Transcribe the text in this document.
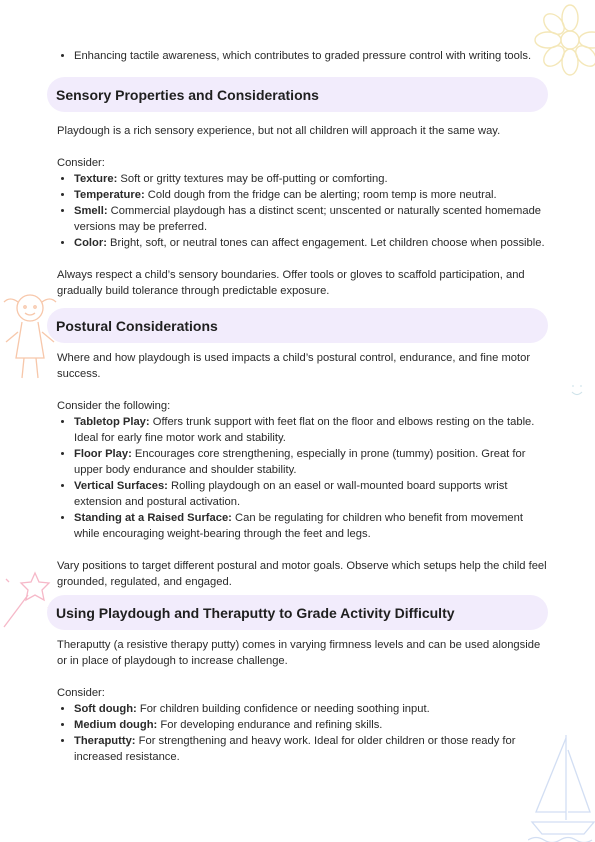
• Enhancing tactile awareness, which contributes to graded pressure control with writing tools.
Sensory Properties and Considerations

Playdough is a rich sensory experience, but not all children will approach it the same way.

Consider:

• Texture: Soft or gritty textures may be off-putting or comforting.
• Temperature: Cold dough from the fridge can be alerting; room temp is more neutral.
• Smell: Commercial playdough has a distinct scent; unscented or naturally scented homemade versions may be preferred.
• Color: Bright, soft, or neutral tones can affect engagement. Let children choose when possible.

Always respect a child’s sensory boundaries. Offer tools or gloves to scaffold participation, and gradually build tolerance through predictable exposure.

Postural Considerations

Where and how playdough is used impacts a child’s postural control, endurance, and fine motor success.

Consider the following:

• Tabletop Play: Offers trunk support with feet flat on the floor and elbows resting on the table. Ideal for early fine motor work and stability.
• Floor Play: Encourages core strengthening, especially in prone (tummy) position. Great for upper body endurance and shoulder stability.
• Vertical Surfaces: Rolling playdough on an easel or wall-mounted board supports wrist extension and postural activation.
• Standing at a Raised Surface: Can be regulating for children who benefit from movement while encouraging weight-bearing through the feet and legs.

Vary positions to target different postural and motor goals. Observe which setups help the child feel grounded, regulated, and engaged.

Using Playdough and Theraputty to Grade Activity Difficulty

Theraputty (a resistive therapy putty) comes in varying firmness levels and can be used alongside or in place of playdough to increase challenge.

Consider:

• Soft dough: For children building confidence or needing soothing input.
• Medium dough: For developing endurance and refining skills.
• Theraputty: For strengthening and heavy work. Ideal for older children or those ready for increased resistance.
